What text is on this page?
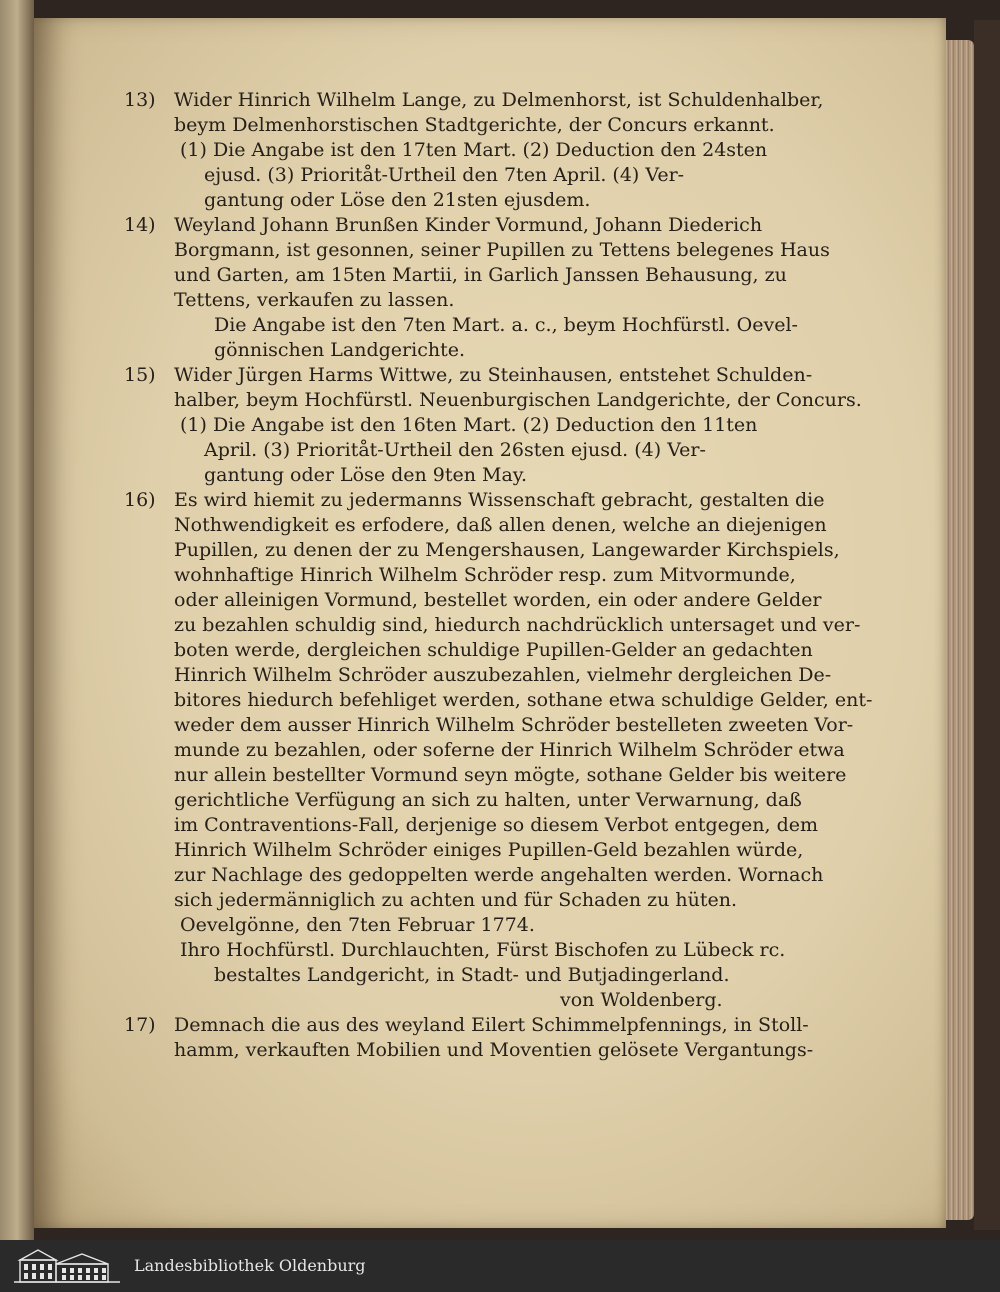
13) Wider Hinrich Wilhelm Lange, zu Delmenhorst, ist Schuldenhalber,
beym Delmenhorstischen Stadtgerichte, der Concurs erkannt.
(1) Die Angabe ist den 17ten Mart. (2) Deduction den 24sten
ejusd. (3) Prioritåt-Urtheil den 7ten April. (4) Ver-
gantung oder Löse den 21sten ejusdem.
14) Weyland Johann Brunßen Kinder Vormund, Johann Diederich
Borgmann, ist gesonnen, seiner Pupillen zu Tettens belegenes Haus
und Garten, am 15ten Martii, in Garlich Janssen Behausung, zu
Tettens, verkaufen zu lassen.
Die Angabe ist den 7ten Mart. a. c., beym Hochfürstl. Oevel-
gönnischen Landgerichte.
15) Wider Jürgen Harms Wittwe, zu Steinhausen, entstehet Schulden-
halber, beym Hochfürstl. Neuenburgischen Landgerichte, der Concurs.
(1) Die Angabe ist den 16ten Mart. (2) Deduction den 11ten
April. (3) Prioritåt-Urtheil den 26sten ejusd. (4) Ver-
gantung oder Löse den 9ten May.
16) Es wird hiemit zu jedermanns Wissenschaft gebracht, gestalten die
Nothwendigkeit es erfodere, daß allen denen, welche an diejenigen
Pupillen, zu denen der zu Mengershausen, Langewarder Kirchspiels,
wohnhaftige Hinrich Wilhelm Schröder resp. zum Mitvormunde,
oder alleinigen Vormund, bestellet worden, ein oder andere Gelder
zu bezahlen schuldig sind, hiedurch nachdrücklich untersaget und ver-
boten werde, dergleichen schuldige Pupillen-Gelder an gedachten
Hinrich Wilhelm Schröder auszubezahlen, vielmehr dergleichen De-
bitores hiedurch befehliget werden, sothane etwa schuldige Gelder, ent-
weder dem ausser Hinrich Wilhelm Schröder bestelleten zweeten Vor-
munde zu bezahlen, oder soferne der Hinrich Wilhelm Schröder etwa
nur allein bestellter Vormund seyn mögte, sothane Gelder bis weitere
gerichtliche Verfügung an sich zu halten, unter Verwarnung, daß
im Contraventions-Fall, derjenige so diesem Verbot entgegen, dem
Hinrich Wilhelm Schröder einiges Pupillen-Geld bezahlen würde,
zur Nachlage des gedoppelten werde angehalten werden. Wornach
sich jedermänniglich zu achten und für Schaden zu hüten.
Oevelgönne, den 7ten Februar 1774.
Ihro Hochfürstl. Durchlauchten, Fürst Bischofen zu Lübeck rc.
bestaltes Landgericht, in Stadt- und Butjadingerland.
von Woldenberg.
17) Demnach die aus des weyland Eilert Schimmelpfennings, in Stoll-
hamm, verkauften Mobilien und Moventien gelösete Vergantungs-
Landesbibliothek Oldenburg
